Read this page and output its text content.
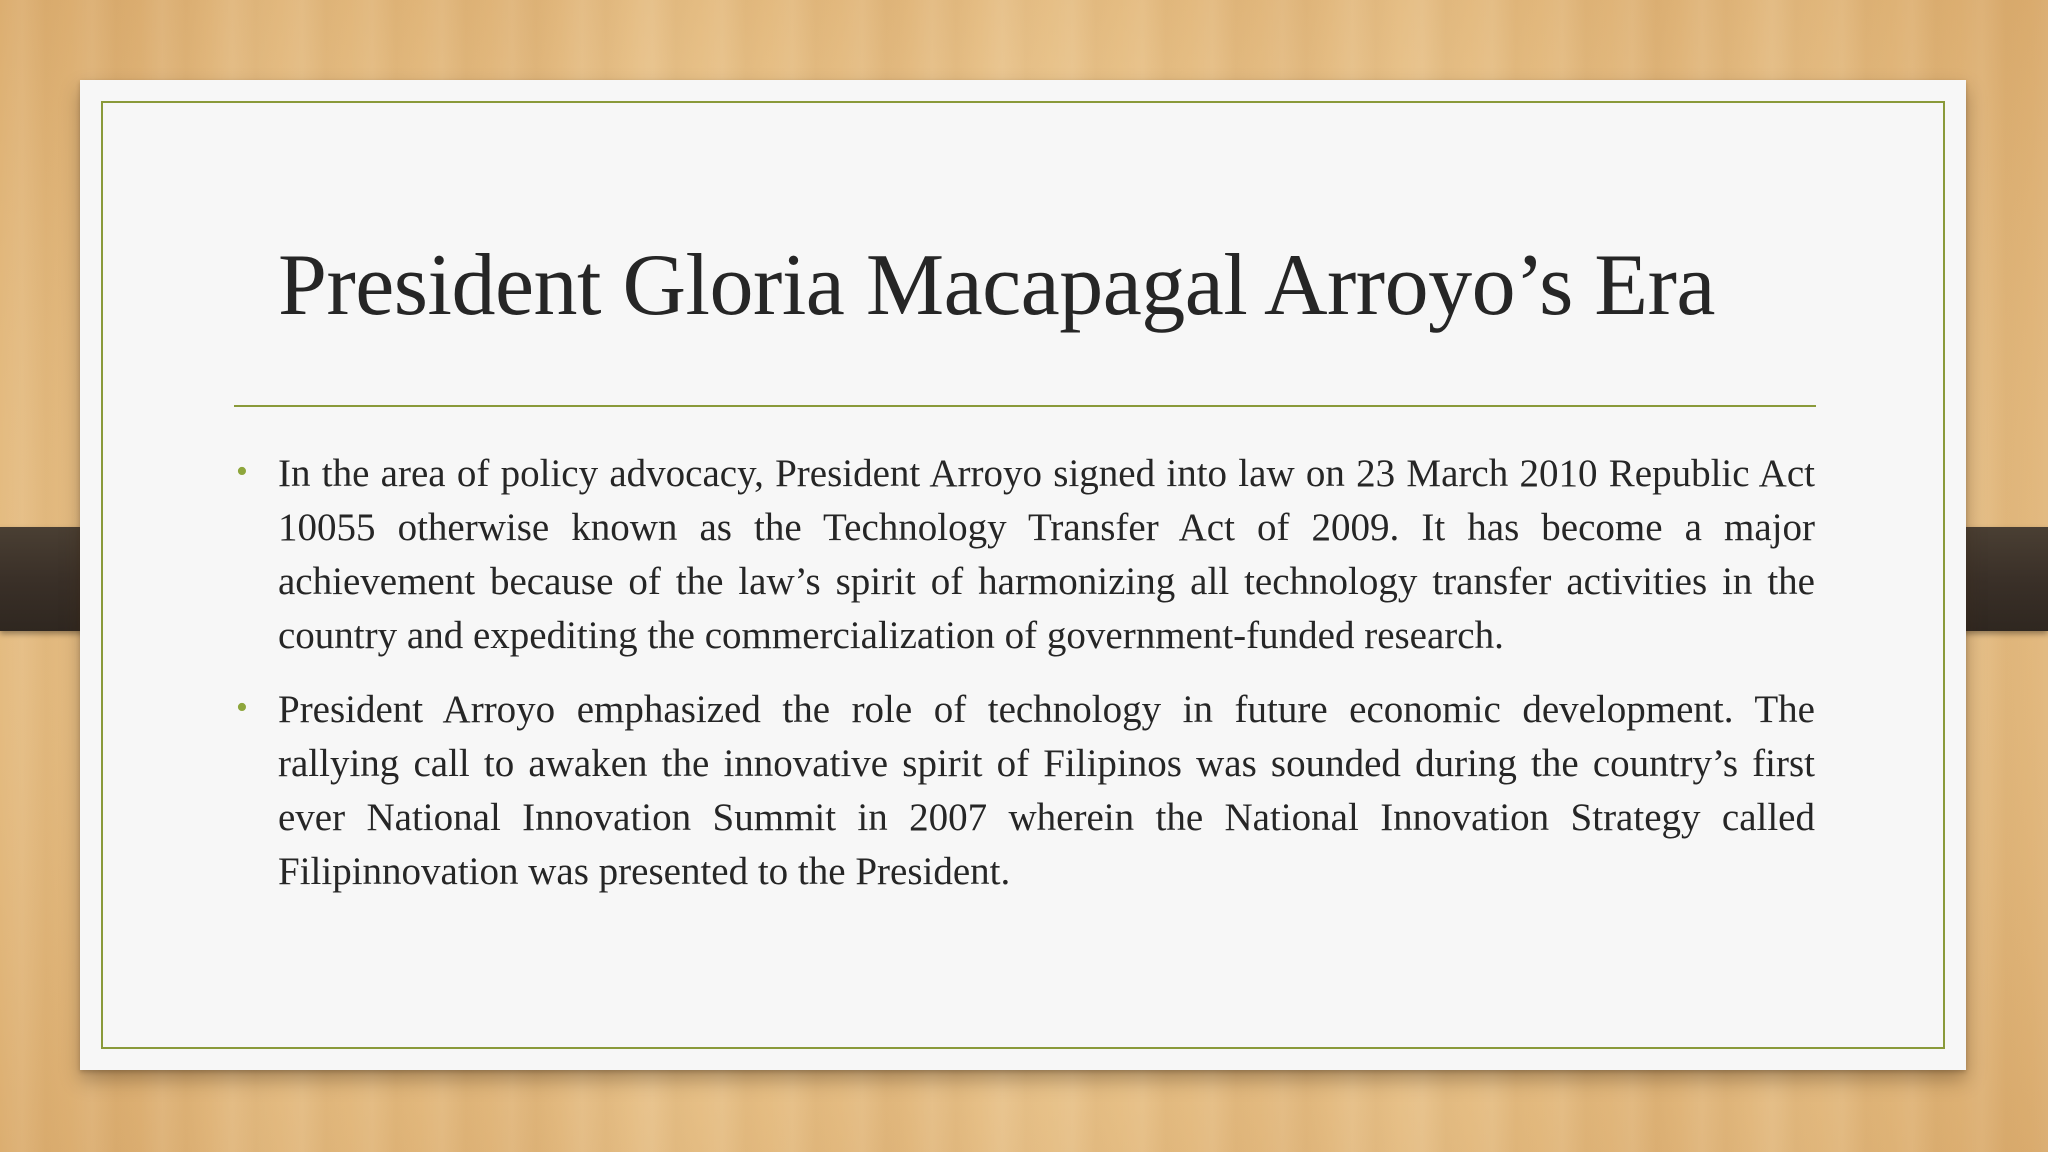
President Gloria Macapagal Arroyo’s Era
• In the area of policy advocacy, President Arroyo signed into law on 23 March 2010 Republic Act 10055 otherwise known as the Technology Transfer Act of 2009. It has become a major achievement because of the law’s spirit of harmonizing all technology transfer activities in the country and expediting the commercialization of government-funded research.
• President Arroyo emphasized the role of technology in future economic development. The rallying call to awaken the innovative spirit of Filipinos was sounded during the country’s first ever National Innovation Summit in 2007 wherein the National Innovation Strategy called Filipinnovation was presented to the President.
